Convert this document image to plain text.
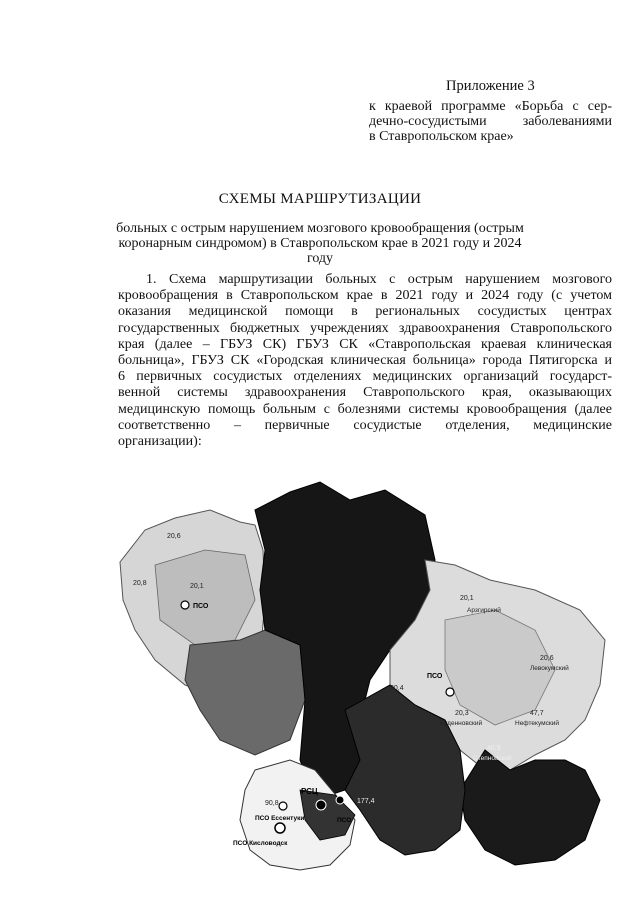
Приложение 3
к краевой программе «Борьба с сер-
дечно-сосудистыми заболеваниями
в Ставропольском крае»
СХЕМЫ МАРШРУТИЗАЦИИ
больных с острым нарушением мозгового кровообращения (острым
коронарным синдромом) в Ставропольском крае в 2021 году и 2024 году
1. Схема маршрутизации больных с острым нарушением мозгового
кровообращения в Ставропольском крае в 2021 году и 2024 году (с учетом
оказания медицинской помощи в региональных сосудистых центрах
государственных бюджетных учреждениях здравоохранения Ставропольского
края (далее – ГБУЗ СК) ГБУЗ СК «Ставропольская краевая клиническая
больница», ГБУЗ СК «Городская клиническая больница» города Пятигорска и
6 первичных сосудистых отделениях медицинских организаций государст-
венной системы здравоохранения Ставропольского края, оказывающих
медицинскую помощь больным с болезнями системы кровообращения (далее
соответственно – первичные сосудистые отделения, медицинские
организации):
20,6
20,8	20,1
20,1
20,4
20,6
20,3	47,7
40,9
177,4
90,8
Арзгирский
Левокумский
Нефтекумский
Степновский
Буденновский
ПСО
ПСО
РСЦ
ПСО
ПСО Ессентуки
ПСО Кисловодск
